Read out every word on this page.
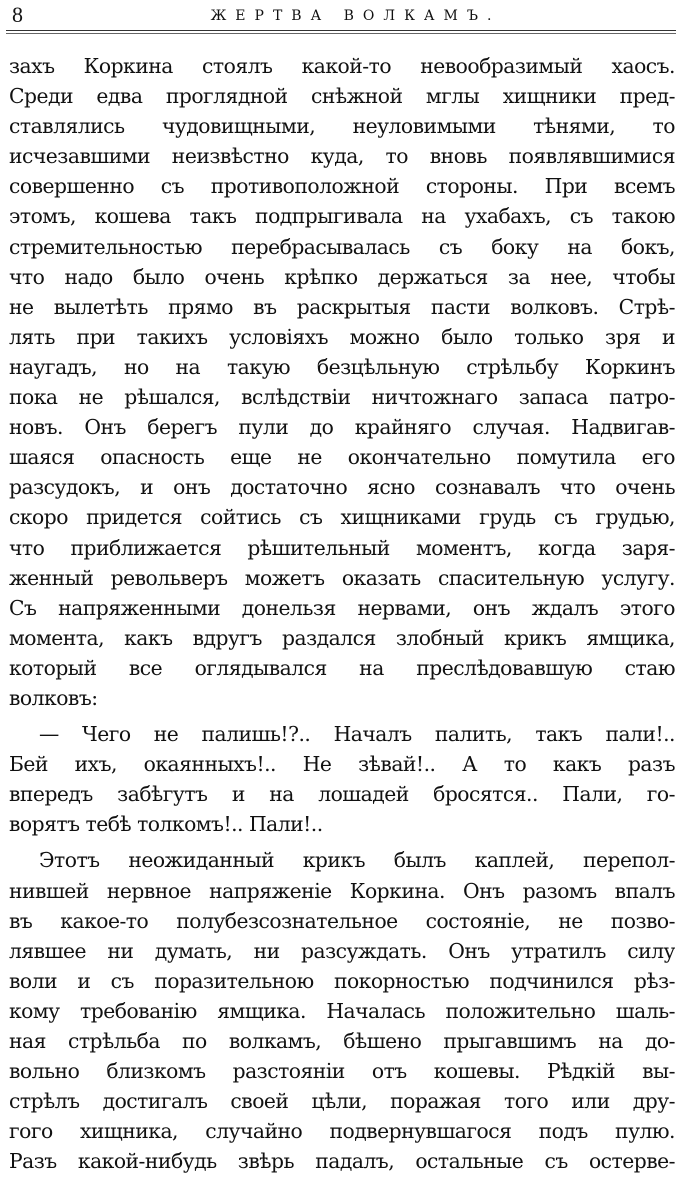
8	ЖЕРТВА ВОЛКАМЪ.
захъ Коркина стоялъ какой-то невообразимый хаосъ.
Среди едва проглядной снѣжной мглы хищники пред-
ставлялись чудовищными, неуловимыми тѣнями, то
исчезавшими неизвѣстно куда, то вновь появлявшимися
совершенно съ противоположной стороны. При всемъ
этомъ, кошева такъ подпрыгивала на ухабахъ, съ такою
стремительностью перебрасывалась съ боку на бокъ,
что надо было очень крѣпко держаться за нее, чтобы
не вылетѣть прямо въ раскрытыя пасти волковъ. Стрѣ-
лять при такихъ условіяхъ можно было только зря и
наугадъ, но на такую безцѣльную стрѣльбу Коркинъ
пока не рѣшался, вслѣдствіи ничтожнаго запаса патро-
новъ. Онъ берегъ пули до крайняго случая. Надвигав-
шаяся опасность еще не окончательно помутила его
разсудокъ, и онъ достаточно ясно сознавалъ что очень
скоро придется сойтись съ хищниками грудь съ грудью,
что приближается рѣшительный моментъ, когда заря-
женный револьверъ можетъ оказать спасительную услугу.
Съ напряженными донельзя нервами, онъ ждалъ этого
момента, какъ вдругъ раздался злобный крикъ ямщика,
который все оглядывался на преслѣдовавшую стаю
волковъ:
— Чего не палишь!?.. Началъ палить, такъ пали!..
Бей ихъ, окаянныхъ!.. Не зѣвай!.. А то какъ разъ
впередъ забѣгутъ и на лошадей бросятся.. Пали, го-
ворятъ тебѣ толкомъ!.. Пали!..
Этотъ неожиданный крикъ былъ каплей, перепол-
нившей нервное напряженіе Коркина. Онъ разомъ впалъ
въ какое-то полубезсознательное состояніе, не позво-
лявшее ни думать, ни разсуждать. Онъ утратилъ силу
воли и съ поразительною покорностью подчинился рѣз-
кому требованію ямщика. Началась положительно шаль-
ная стрѣльба по волкамъ, бѣшено прыгавшимъ на до-
вольно близкомъ разстояніи отъ кошевы. Рѣдкій вы-
стрѣлъ достигалъ своей цѣли, поражая того или дру-
гого хищника, случайно подвернувшагося подъ пулю.
Разъ какой-нибудь звѣрь падалъ, остальные съ остерве-
